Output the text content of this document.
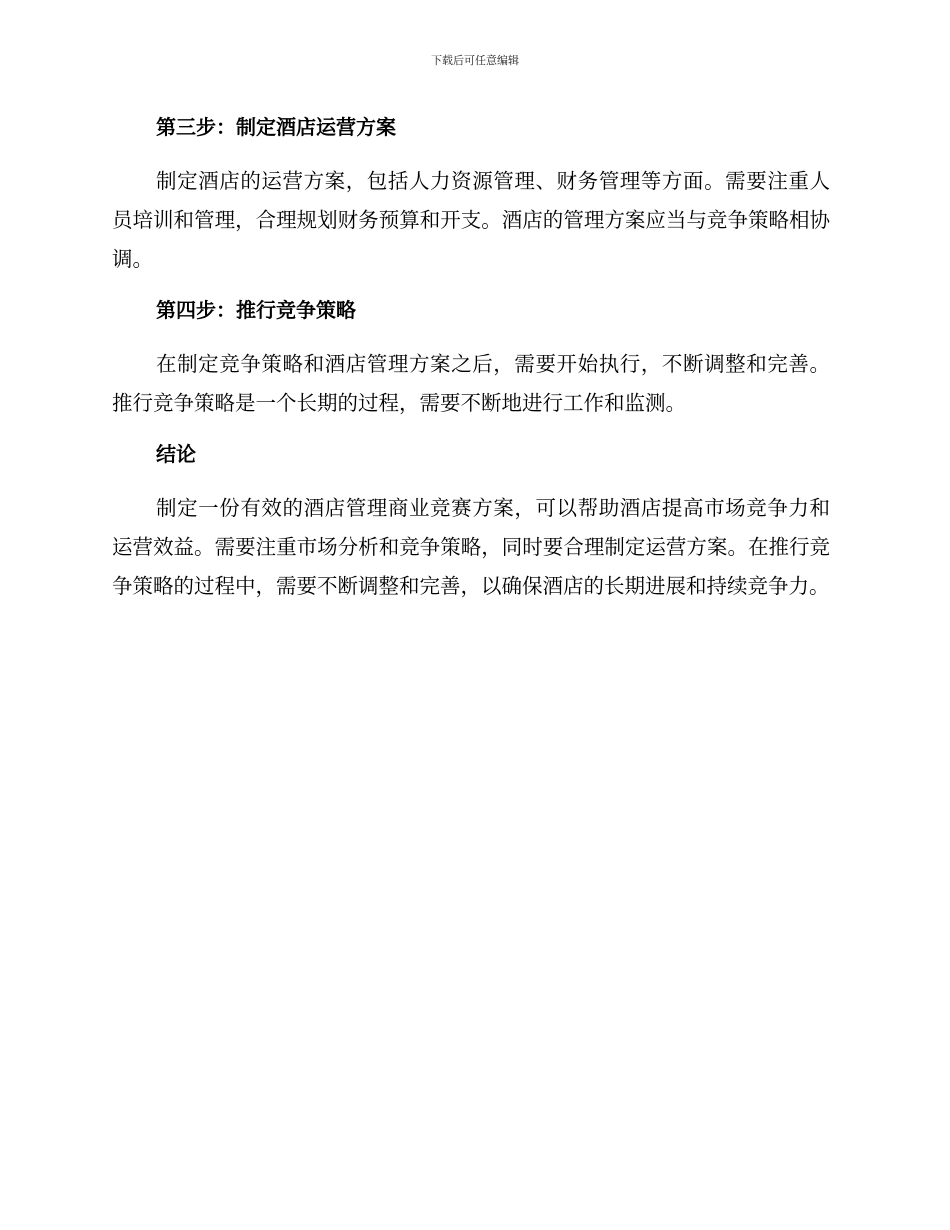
下载后可任意编辑
第三步：制定酒店运营方案

制定酒店的运营方案，包括人力资源管理、财务管理等方面。需要注重人员培训和管理，合理规划财务预算和开支。酒店的管理方案应当与竞争策略相协调。

第四步：推行竞争策略

在制定竞争策略和酒店管理方案之后，需要开始执行，不断调整和完善。推行竞争策略是一个长期的过程，需要不断地进行工作和监测。

结论

制定一份有效的酒店管理商业竞赛方案，可以帮助酒店提高市场竞争力和运营效益。需要注重市场分析和竞争策略，同时要合理制定运营方案。在推行竞争策略的过程中，需要不断调整和完善，以确保酒店的长期进展和持续竞争力。
